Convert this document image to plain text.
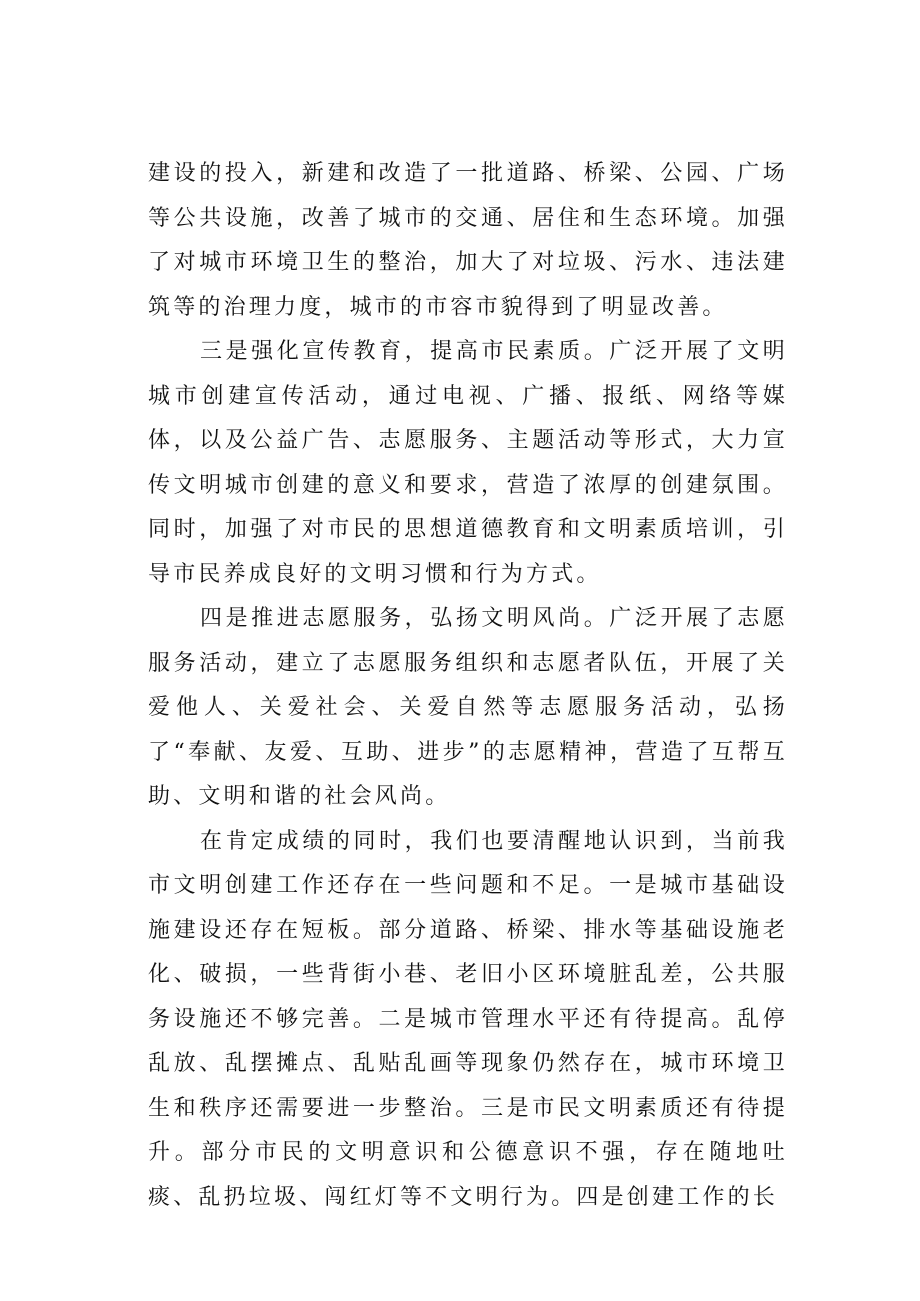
建设的投入，新建和改造了一批道路、桥梁、公园、广场等公共设施，改善了城市的交通、居住和生态环境。加强了对城市环境卫生的整治，加大了对垃圾、污水、违法建筑等的治理力度，城市的市容市貌得到了明显改善。

三是强化宣传教育，提高市民素质。广泛开展了文明城市创建宣传活动，通过电视、广播、报纸、网络等媒体，以及公益广告、志愿服务、主题活动等形式，大力宣传文明城市创建的意义和要求，营造了浓厚的创建氛围。同时，加强了对市民的思想道德教育和文明素质培训，引导市民养成良好的文明习惯和行为方式。

四是推进志愿服务，弘扬文明风尚。广泛开展了志愿服务活动，建立了志愿服务组织和志愿者队伍，开展了关爱他人、关爱社会、关爱自然等志愿服务活动，弘扬了“奉献、友爱、互助、进步”的志愿精神，营造了互帮互助、文明和谐的社会风尚。

在肯定成绩的同时，我们也要清醒地认识到，当前我市文明创建工作还存在一些问题和不足。一是城市基础设施建设还存在短板。部分道路、桥梁、排水等基础设施老化、破损，一些背街小巷、老旧小区环境脏乱差，公共服务设施还不够完善。二是城市管理水平还有待提高。乱停乱放、乱摆摊点、乱贴乱画等现象仍然存在，城市环境卫生和秩序还需要进一步整治。三是市民文明素质还有待提升。部分市民的文明意识和公德意识不强，存在随地吐痰、乱扔垃圾、闯红灯等不文明行为。四是创建工作的长
